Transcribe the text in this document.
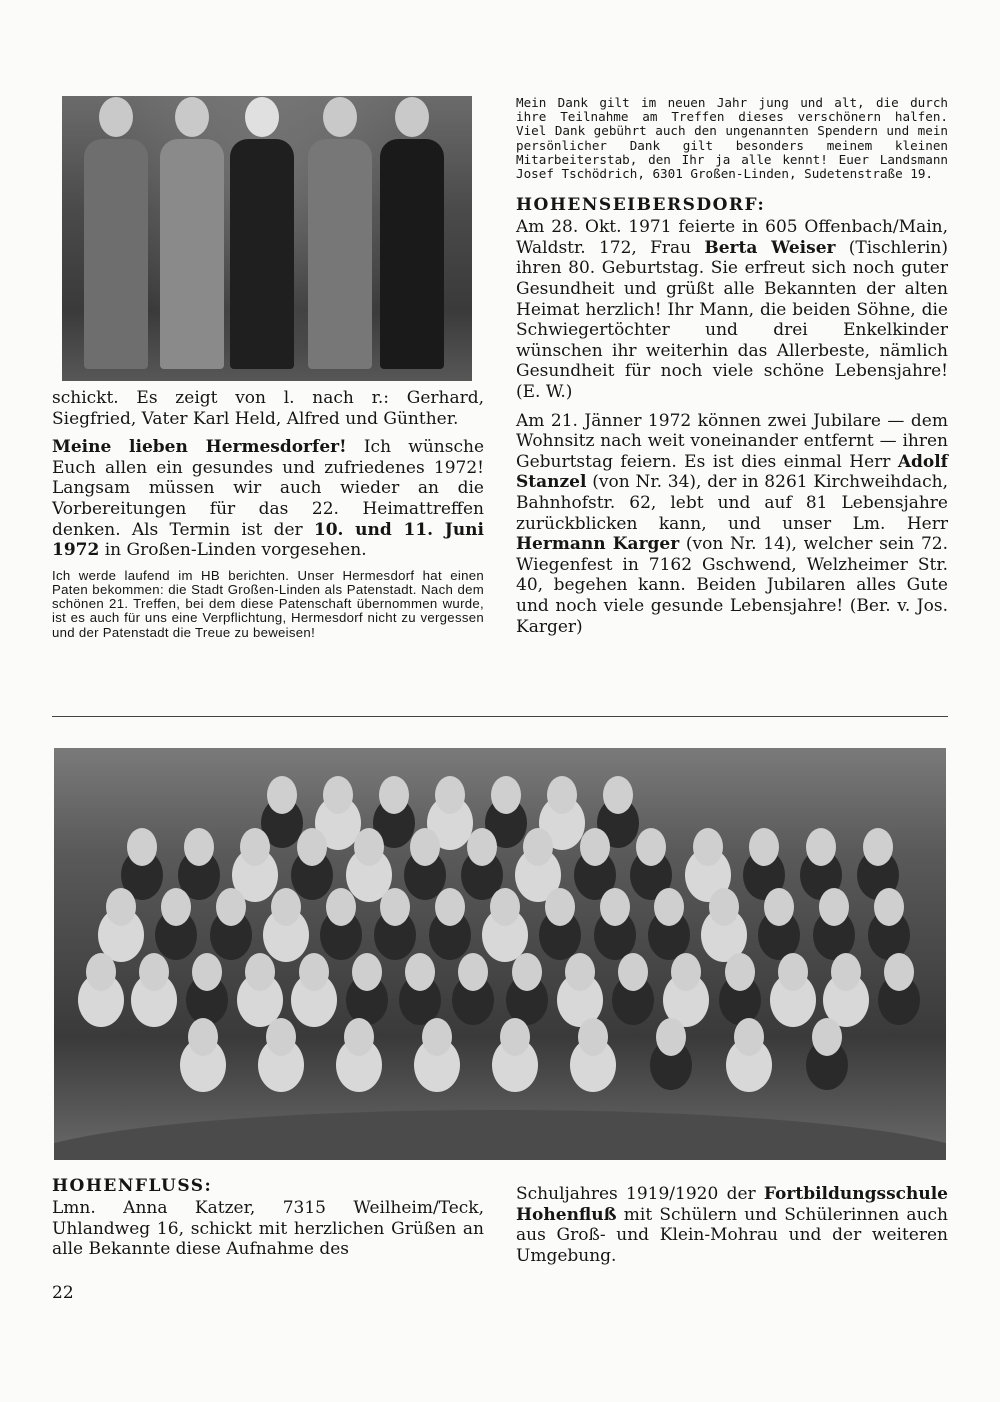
schickt. Es zeigt von l. nach r.: Gerhard, Siegfried, Vater Karl Held, Alfred und Günther.

Meine lieben Hermesdorfer! Ich wünsche Euch allen ein gesundes und zufriedenes 1972! Langsam müssen wir auch wieder an die Vorbereitungen für das 22. Heimattreffen denken. Als Termin ist der 10. und 11. Juni 1972 in Großen-Linden vorgesehen.

Ich werde laufend im HB berichten. Unser Hermesdorf hat einen Paten bekommen: die Stadt Großen-Linden als Patenstadt. Nach dem schönen 21. Treffen, bei dem diese Patenschaft übernommen wurde, ist es auch für uns eine Verpflichtung, Hermesdorf nicht zu vergessen und der Patenstadt die Treue zu beweisen!

Mein Dank gilt im neuen Jahr jung und alt, die durch ihre Teilnahme am Treffen dieses verschönern halfen. Viel Dank gebührt auch den ungenannten Spendern und mein persönlicher Dank gilt besonders meinem kleinen Mitarbeiterstab, den Ihr ja alle kennt! Euer Landsmann Josef Tschödrich, 6301 Großen-Linden, Sudetenstraße 19.

HOHENSEIBERSDORF:

Am 28. Okt. 1971 feierte in 605 Offenbach/Main, Waldstr. 172, Frau Berta Weiser (Tischlerin) ihren 80. Geburtstag. Sie erfreut sich noch guter Gesundheit und grüßt alle Bekannten der alten Heimat herzlich! Ihr Mann, die beiden Söhne, die Schwiegertöchter und drei Enkelkinder wünschen ihr weiterhin das Allerbeste, nämlich Gesundheit für noch viele schöne Lebensjahre! (E. W.)

Am 21. Jänner 1972 können zwei Jubilare — dem Wohnsitz nach weit voneinander entfernt — ihren Geburtstag feiern. Es ist dies einmal Herr Adolf Stanzel (von Nr. 34), der in 8261 Kirchweihdach, Bahnhofstr. 62, lebt und auf 81 Lebensjahre zurückblicken kann, und unser Lm. Herr Hermann Karger (von Nr. 14), welcher sein 72. Wiegenfest in 7162 Gschwend, Welzheimer Str. 40, begehen kann. Beiden Jubilaren alles Gute und noch viele gesunde Lebensjahre! (Ber. v. Jos. Karger)

HOHENFLUSS:

Lmn. Anna Katzer, 7315 Weilheim/Teck, Uhlandweg 16, schickt mit herzlichen Grüßen an alle Bekannte diese Aufnahme des

Schuljahres 1919/1920 der Fortbildungsschule Hohenfluß mit Schülern und Schülerinnen auch aus Groß- und Klein-Mohrau und der weiteren Umgebung.

22
